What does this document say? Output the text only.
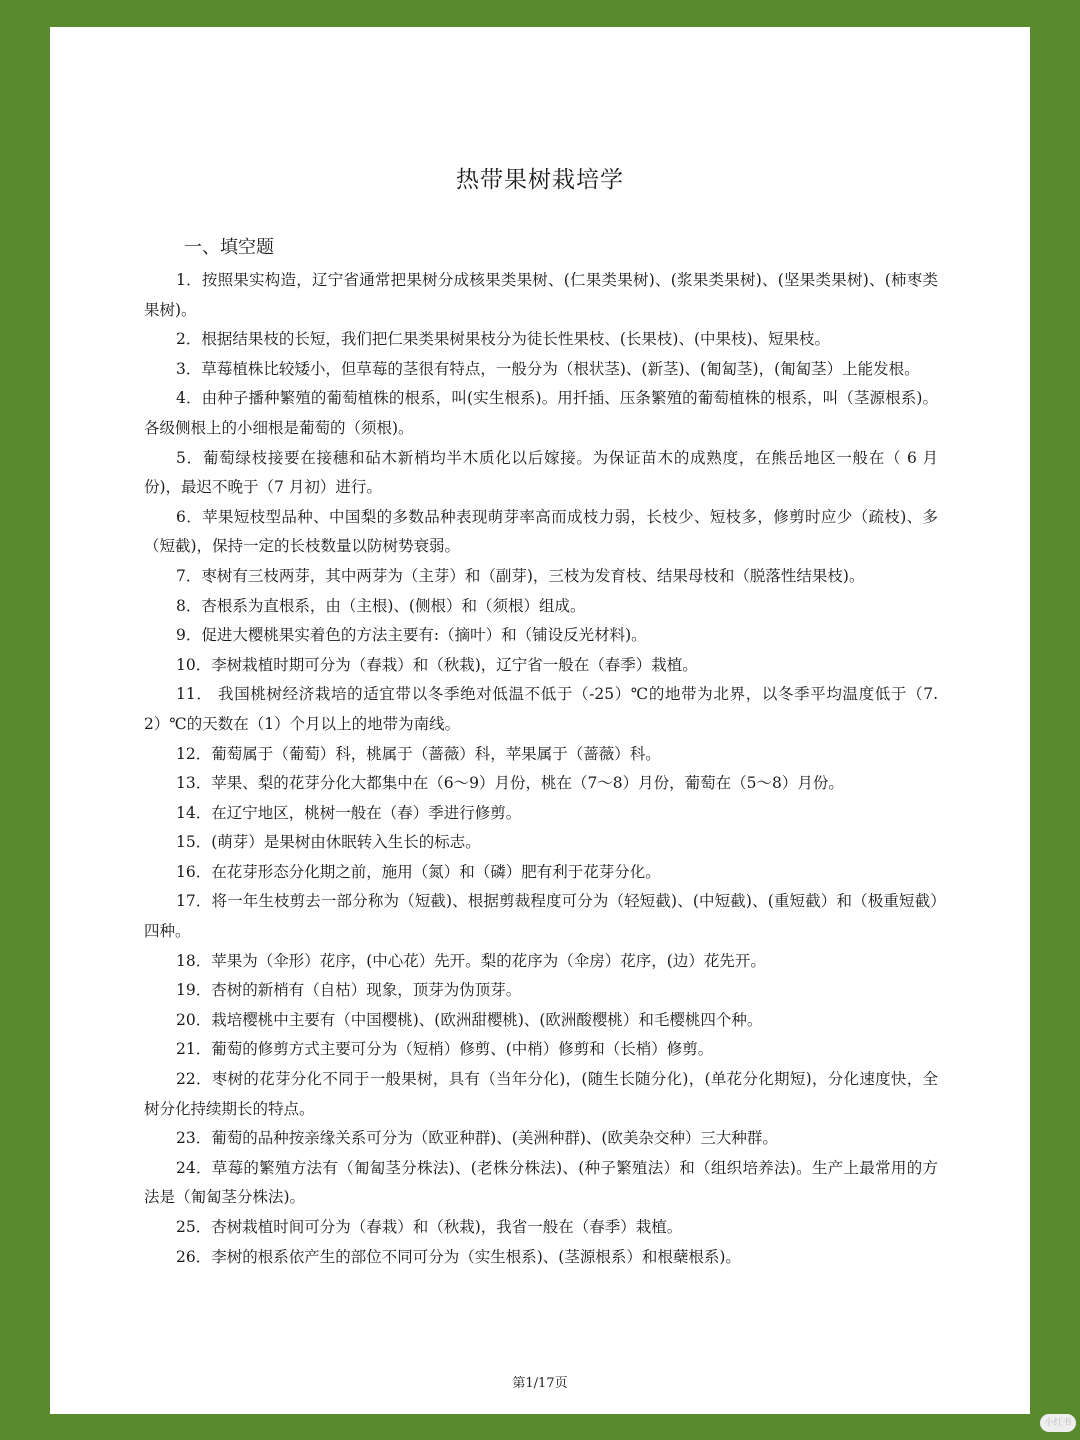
热带果树栽培学
一、填空题

1．按照果实构造，辽宁省通常把果树分成核果类果树、(仁果类果树)、(浆果类果树)、(坚果类果树)、(柿枣类果树)。

2．根据结果枝的长短，我们把仁果类果树果枝分为徒长性果枝、(长果枝)、(中果枝)、短果枝。

3．草莓植株比较矮小，但草莓的茎很有特点，一般分为（根状茎)、(新茎)、(匍匐茎)，(匍匐茎）上能发根。

4．由种子播种繁殖的葡萄植株的根系，叫(实生根系)。用扦插、压条繁殖的葡萄植株的根系，叫（茎源根系)。各级侧根上的小细根是葡萄的（须根)。

5．葡萄绿枝接要在接穗和砧木新梢均半木质化以后嫁接。为保证苗木的成熟度，在熊岳地区一般在（ 6 月份)，最迟不晚于（7 月初）进行。

6．苹果短枝型品种、中国梨的多数品种表现萌芽率高而成枝力弱，长枝少、短枝多，修剪时应少（疏枝)、多（短截)，保持一定的长枝数量以防树势衰弱。

7．枣树有三枝两芽，其中两芽为（主芽）和（副芽)，三枝为发育枝、结果母枝和（脱落性结果枝)。

8．杏根系为直根系，由（主根)、(侧根）和（须根）组成。

9．促进大樱桃果实着色的方法主要有:（摘叶）和（铺设反光材料)。

10．李树栽植时期可分为（春栽）和（秋栽)，辽宁省一般在（春季）栽植。

11． 我国桃树经济栽培的适宜带以冬季绝对低温不低于（-25）℃的地带为北界，以冬季平均温度低于（7.2）℃的天数在（1）个月以上的地带为南线。

12．葡萄属于（葡萄）科，桃属于（蔷薇）科，苹果属于（蔷薇）科。

13．苹果、梨的花芽分化大都集中在（6～9）月份，桃在（7～8）月份，葡萄在（5～8）月份。

14．在辽宁地区，桃树一般在（春）季进行修剪。

15．(萌芽）是果树由休眠转入生长的标志。

16．在花芽形态分化期之前，施用（氮）和（磷）肥有利于花芽分化。

17．将一年生枝剪去一部分称为（短截)、根据剪裁程度可分为（轻短截)、(中短截)、(重短截）和（极重短截）四种。

18．苹果为（伞形）花序，(中心花）先开。梨的花序为（伞房）花序，(边）花先开。

19．杏树的新梢有（自枯）现象，顶芽为伪顶芽。

20．栽培樱桃中主要有（中国樱桃)、(欧洲甜樱桃)、(欧洲酸樱桃）和毛樱桃四个种。

21．葡萄的修剪方式主要可分为（短梢）修剪、(中梢）修剪和（长梢）修剪。

22．枣树的花芽分化不同于一般果树，具有（当年分化)，(随生长随分化)，(单花分化期短)，分化速度快，全树分化持续期长的特点。

23．葡萄的品种按亲缘关系可分为（欧亚种群)、(美洲种群)、(欧美杂交种）三大种群。

24．草莓的繁殖方法有（匍匐茎分株法)、(老株分株法)、(种子繁殖法）和（组织培养法)。生产上最常用的方法是（匍匐茎分株法)。

25．杏树栽植时间可分为（春栽）和（秋栽)，我省一般在（春季）栽植。

26．李树的根系依产生的部位不同可分为（实生根系)、(茎源根系）和根蘖根系)。

第1/17页
小红书
